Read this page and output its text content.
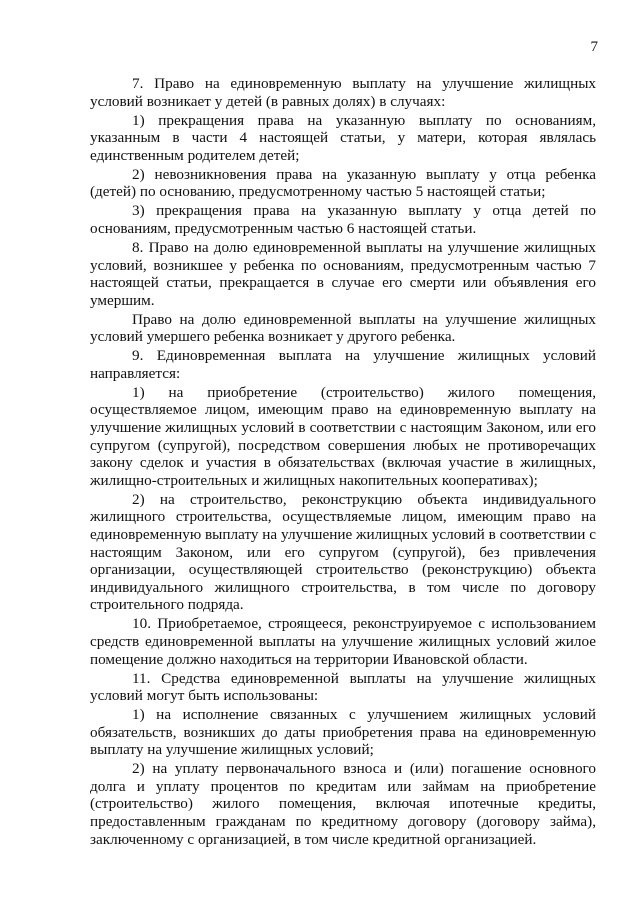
7

7. Право на единовременную выплату на улучшение жилищных условий возникает у детей (в равных долях) в случаях:

1) прекращения права на указанную выплату по основаниям, указанным в части 4 настоящей статьи, у матери, которая являлась единственным родителем детей;

2) невозникновения права на указанную выплату у отца ребенка (детей) по основанию, предусмотренному частью 5 настоящей статьи;

3) прекращения права на указанную выплату у отца детей по основаниям, предусмотренным частью 6 настоящей статьи.

8. Право на долю единовременной выплаты на улучшение жилищных условий, возникшее у ребенка по основаниям, предусмотренным частью 7 настоящей статьи, прекращается в случае его смерти или объявления его умершим.

Право на долю единовременной выплаты на улучшение жилищных условий умершего ребенка возникает у другого ребенка.

9. Единовременная выплата на улучшение жилищных условий направляется:

1) на приобретение (строительство) жилого помещения, осуществляемое лицом, имеющим право на единовременную выплату на улучшение жилищных условий в соответствии с настоящим Законом, или его супругом (супругой), посредством совершения любых не противоречащих закону сделок и участия в обязательствах (включая участие в жилищных, жилищно-строительных и жилищных накопительных кооперативах);

2) на строительство, реконструкцию объекта индивидуального жилищного строительства, осуществляемые лицом, имеющим право на единовременную выплату на улучшение жилищных условий в соответствии с настоящим Законом, или его супругом (супругой), без привлечения организации, осуществляющей строительство (реконструкцию) объекта индивидуального жилищного строительства, в том числе по договору строительного подряда.

10. Приобретаемое, строящееся, реконструируемое с использованием средств единовременной выплаты на улучшение жилищных условий жилое помещение должно находиться на территории Ивановской области.

11. Средства единовременной выплаты на улучшение жилищных условий могут быть использованы:

1) на исполнение связанных с улучшением жилищных условий обязательств, возникших до даты приобретения права на единовременную выплату на улучшение жилищных условий;

2) на уплату первоначального взноса и (или) погашение основного долга и уплату процентов по кредитам или займам на приобретение (строительство) жилого помещения, включая ипотечные кредиты, предоставленным гражданам по кредитному договору (договору займа), заключенному с организацией, в том числе кредитной организацией.
